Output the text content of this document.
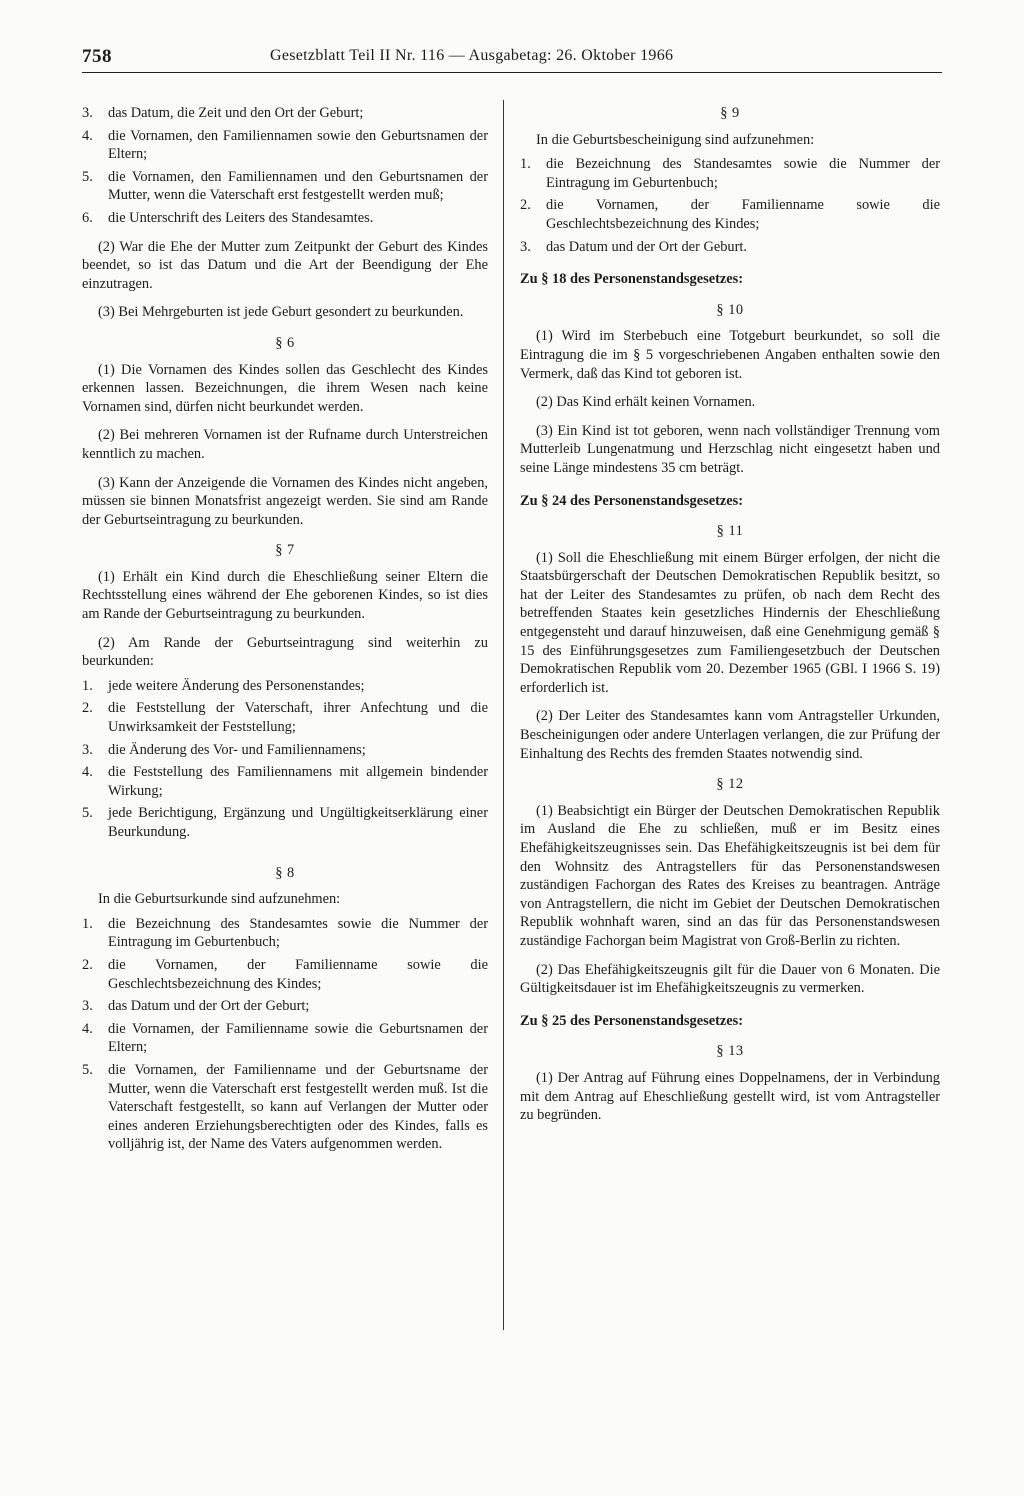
758	Gesetzblatt Teil II Nr. 116 — Ausgabetag: 26. Oktober 1966
3. das Datum, die Zeit und den Ort der Geburt;
4. die Vornamen, den Familiennamen sowie den Geburtsnamen der Eltern;
5. die Vornamen, den Familiennamen und den Geburtsnamen der Mutter, wenn die Vaterschaft erst festgestellt werden muß;
6. die Unterschrift des Leiters des Standesamtes.

(2) War die Ehe der Mutter zum Zeitpunkt der Geburt des Kindes beendet, so ist das Datum und die Art der Beendigung der Ehe einzutragen.

(3) Bei Mehrgeburten ist jede Geburt gesondert zu beurkunden.

§ 6

(1) Die Vornamen des Kindes sollen das Geschlecht des Kindes erkennen lassen. Bezeichnungen, die ihrem Wesen nach keine Vornamen sind, dürfen nicht beurkundet werden.

(2) Bei mehreren Vornamen ist der Rufname durch Unterstreichen kenntlich zu machen.

(3) Kann der Anzeigende die Vornamen des Kindes nicht angeben, müssen sie binnen Monatsfrist angezeigt werden. Sie sind am Rande der Geburtseintragung zu beurkunden.

§ 7

(1) Erhält ein Kind durch die Eheschließung seiner Eltern die Rechtsstellung eines während der Ehe geborenen Kindes, so ist dies am Rande der Geburtseintragung zu beurkunden.

(2) Am Rande der Geburtseintragung sind weiterhin zu beurkunden:

1. jede weitere Änderung des Personenstandes;
2. die Feststellung der Vaterschaft, ihrer Anfechtung und die Unwirksamkeit der Feststellung;
3. die Änderung des Vor- und Familiennamens;
4. die Feststellung des Familiennamens mit allgemein bindender Wirkung;
5. jede Berichtigung, Ergänzung und Ungültigkeitserklärung einer Beurkundung.
§ 8

In die Geburtsurkunde sind aufzunehmen:

1. die Bezeichnung des Standesamtes sowie die Nummer der Eintragung im Geburtenbuch;
2. die Vornamen, der Familienname sowie die Geschlechtsbezeichnung des Kindes;
3. das Datum und der Ort der Geburt;
4. die Vornamen, der Familienname sowie die Geburtsnamen der Eltern;
5. die Vornamen, der Familienname und der Geburtsname der Mutter, wenn die Vaterschaft erst festgestellt werden muß. Ist die Vaterschaft festgestellt, so kann auf Verlangen der Mutter oder eines anderen Erziehungsberechtigten oder des Kindes, falls es volljährig ist, der Name des Vaters aufgenommen werden.
§ 9

In die Geburtsbescheinigung sind aufzunehmen:

1. die Bezeichnung des Standesamtes sowie die Nummer der Eintragung im Geburtenbuch;
2. die Vornamen, der Familienname sowie die Geschlechtsbezeichnung des Kindes;
3. das Datum und der Ort der Geburt.
Zu § 18 des Personenstandsgesetzes:
§ 10

(1) Wird im Sterbebuch eine Totgeburt beurkundet, so soll die Eintragung die im § 5 vorgeschriebenen Angaben enthalten sowie den Vermerk, daß das Kind tot geboren ist.

(2) Das Kind erhält keinen Vornamen.

(3) Ein Kind ist tot geboren, wenn nach vollständiger Trennung vom Mutterleib Lungenatmung und Herzschlag nicht eingesetzt haben und seine Länge mindestens 35 cm beträgt.

Zu § 24 des Personenstandsgesetzes:
§ 11

(1) Soll die Eheschließung mit einem Bürger erfolgen, der nicht die Staatsbürgerschaft der Deutschen Demokratischen Republik besitzt, so hat der Leiter des Standesamtes zu prüfen, ob nach dem Recht des betreffenden Staates kein gesetzliches Hindernis der Eheschließung entgegensteht und darauf hinzuweisen, daß eine Genehmigung gemäß § 15 des Einführungsgesetzes zum Familiengesetzbuch der Deutschen Demokratischen Republik vom 20. Dezember 1965 (GBl. I 1966 S. 19) erforderlich ist.

(2) Der Leiter des Standesamtes kann vom Antragsteller Urkunden, Bescheinigungen oder andere Unterlagen verlangen, die zur Prüfung der Einhaltung des Rechts des fremden Staates notwendig sind.

§ 12

(1) Beabsichtigt ein Bürger der Deutschen Demokratischen Republik im Ausland die Ehe zu schließen, muß er im Besitz eines Ehefähigkeitszeugnisses sein. Das Ehefähigkeitszeugnis ist bei dem für den Wohnsitz des Antragstellers für das Personenstandswesen zuständigen Fachorgan des Rates des Kreises zu beantragen. Anträge von Antragstellern, die nicht im Gebiet der Deutschen Demokratischen Republik wohnhaft waren, sind an das für das Personenstandswesen zuständige Fachorgan beim Magistrat von Groß-Berlin zu richten.

(2) Das Ehefähigkeitszeugnis gilt für die Dauer von 6 Monaten. Die Gültigkeitsdauer ist im Ehefähigkeitszeugnis zu vermerken.

Zu § 25 des Personenstandsgesetzes:
§ 13

(1) Der Antrag auf Führung eines Doppelnamens, der in Verbindung mit dem Antrag auf Eheschließung gestellt wird, ist vom Antragsteller zu begründen.
